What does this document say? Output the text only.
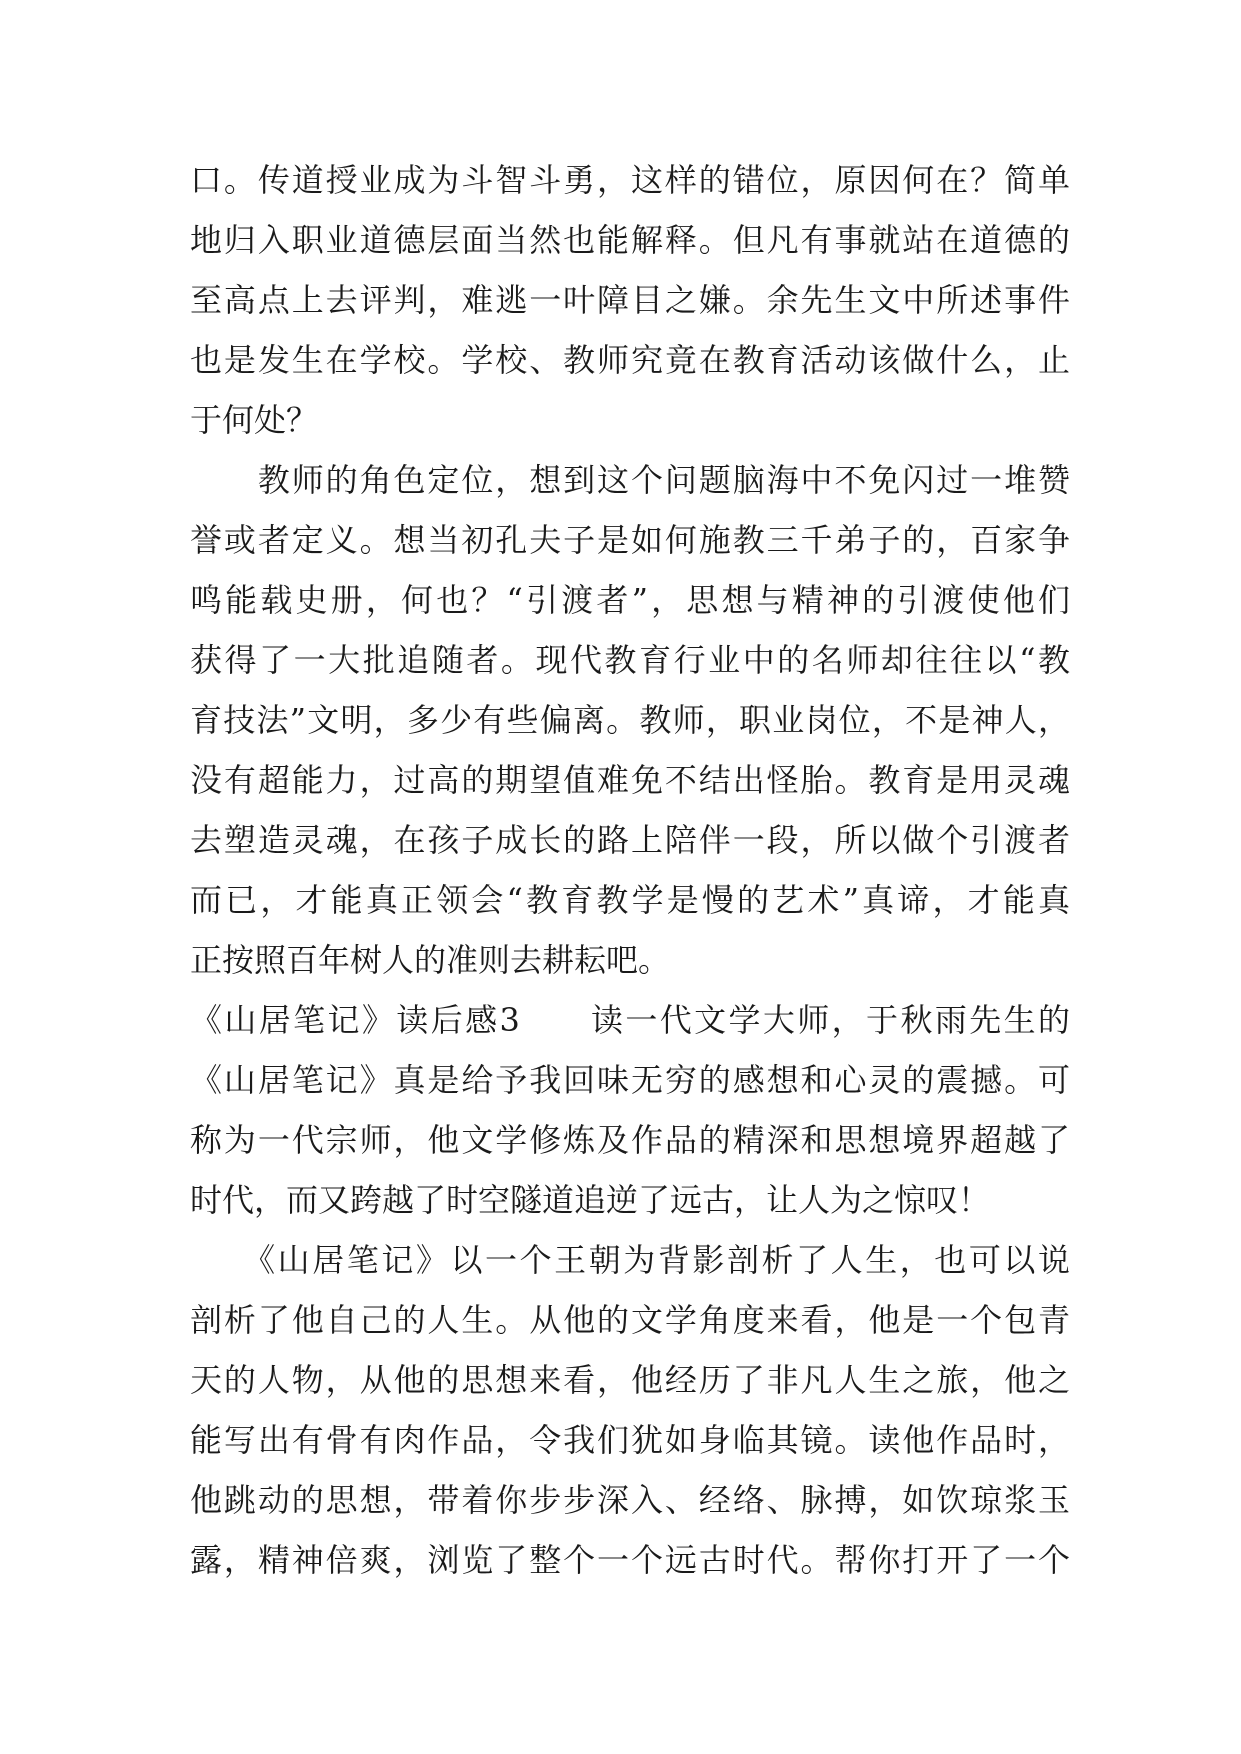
口。传道授业成为斗智斗勇，这样的错位，原因何在？简单
地归入职业道德层面当然也能解释。但凡有事就站在道德的
至高点上去评判，难逃一叶障目之嫌。余先生文中所述事件
也是发生在学校。学校、教师究竟在教育活动该做什么，止
于何处？
　　教师的角色定位，想到这个问题脑海中不免闪过一堆赞
誉或者定义。想当初孔夫子是如何施教三千弟子的，百家争
鸣能载史册，何也？“引渡者”，思想与精神的引渡使他们
获得了一大批追随者。现代教育行业中的名师却往往以“教
育技法”文明，多少有些偏离。教师，职业岗位，不是神人，
没有超能力，过高的期望值难免不结出怪胎。教育是用灵魂
去塑造灵魂，在孩子成长的路上陪伴一段，所以做个引渡者
而已，才能真正领会“教育教学是慢的艺术”真谛，才能真
正按照百年树人的准则去耕耘吧。
《山居笔记》读后感3　　读一代文学大师，于秋雨先生的
《山居笔记》真是给予我回味无穷的感想和心灵的震撼。可
称为一代宗师，他文学修炼及作品的精深和思想境界超越了
时代，而又跨越了时空隧道追逆了远古，让人为之惊叹！
　　《山居笔记》以一个王朝为背影剖析了人生，也可以说
剖析了他自己的人生。从他的文学角度来看，他是一个包青
天的人物，从他的思想来看，他经历了非凡人生之旅，他之
能写出有骨有肉作品，令我们犹如身临其镜。读他作品时，
他跳动的思想，带着你步步深入、经络、脉搏，如饮琼浆玉
露，精神倍爽，浏览了整个一个远古时代。帮你打开了一个
